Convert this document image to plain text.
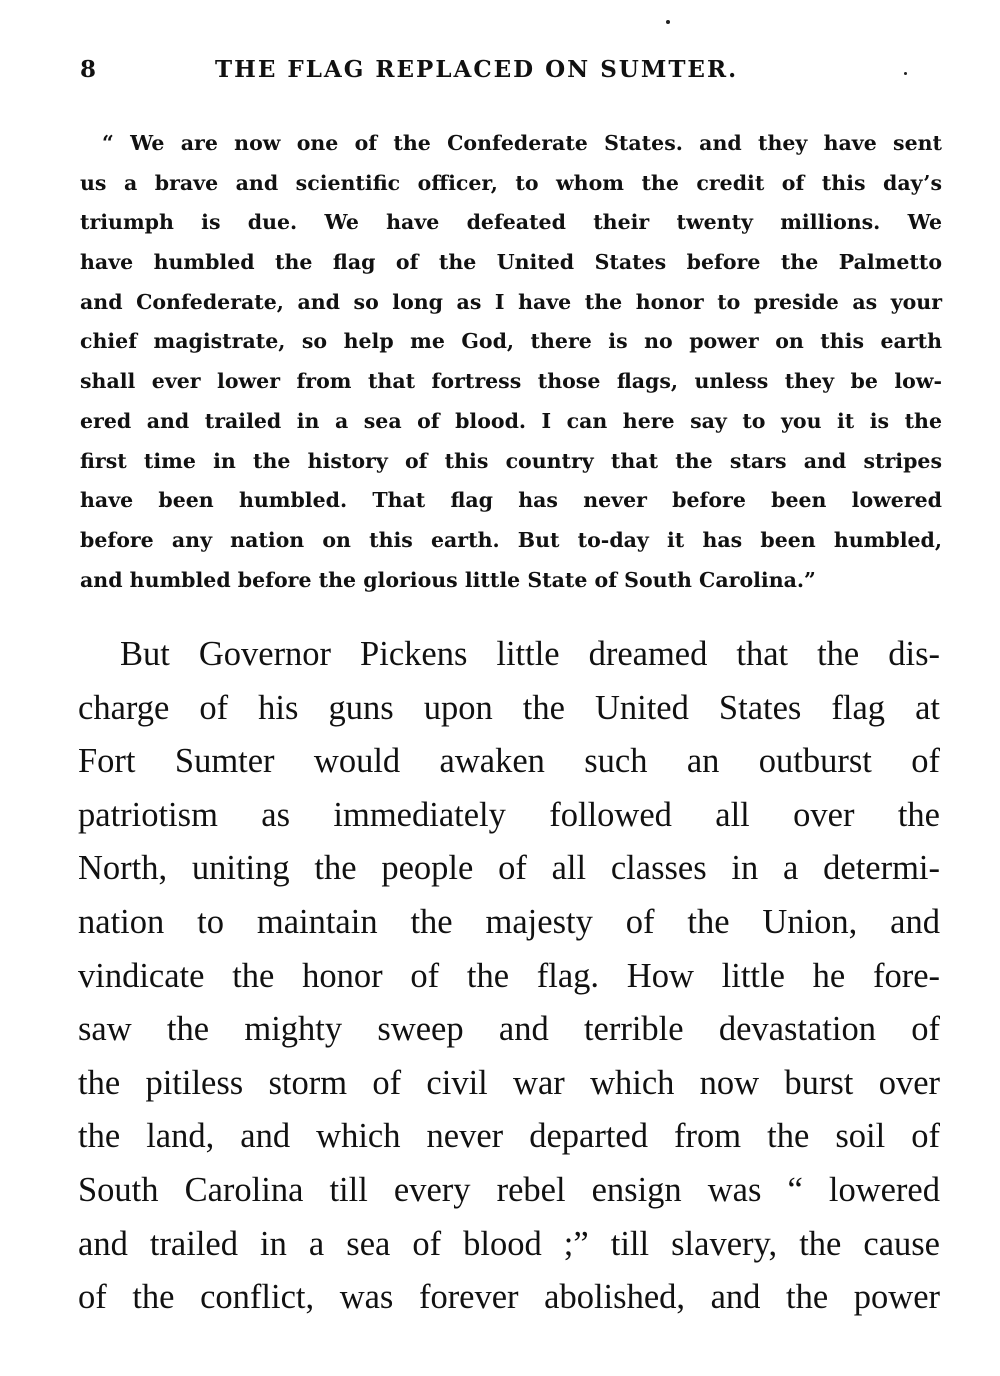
8	THE FLAG REPLACED ON SUMTER.
“ We are now one of the Confederate States. and they have sent
us a brave and scientific officer, to whom the credit of this day’s
triumph is due. We have defeated their twenty millions. We
have humbled the flag of the United States before the Palmetto
and Confederate, and so long as I have the honor to preside as your
chief magistrate, so help me God, there is no power on this earth
shall ever lower from that fortress those flags, unless they be low-
ered and trailed in a sea of blood. I can here say to you it is the
first time in the history of this country that the stars and stripes
have been humbled. That flag has never before been lowered
before any nation on this earth. But to-day it has been humbled,
and humbled before the glorious little State of South Carolina.”
But Governor Pickens little dreamed that the dis-
charge of his guns upon the United States flag at
Fort Sumter would awaken such an outburst of
patriotism as immediately followed all over the
North, uniting the people of all classes in a determi-
nation to maintain the majesty of the Union, and
vindicate the honor of the flag. How little he fore-
saw the mighty sweep and terrible devastation of
the pitiless storm of civil war which now burst over
the land, and which never departed from the soil of
South Carolina till every rebel ensign was “ lowered
and trailed in a sea of blood ;” till slavery, the cause
of the conflict, was forever abolished, and the power
